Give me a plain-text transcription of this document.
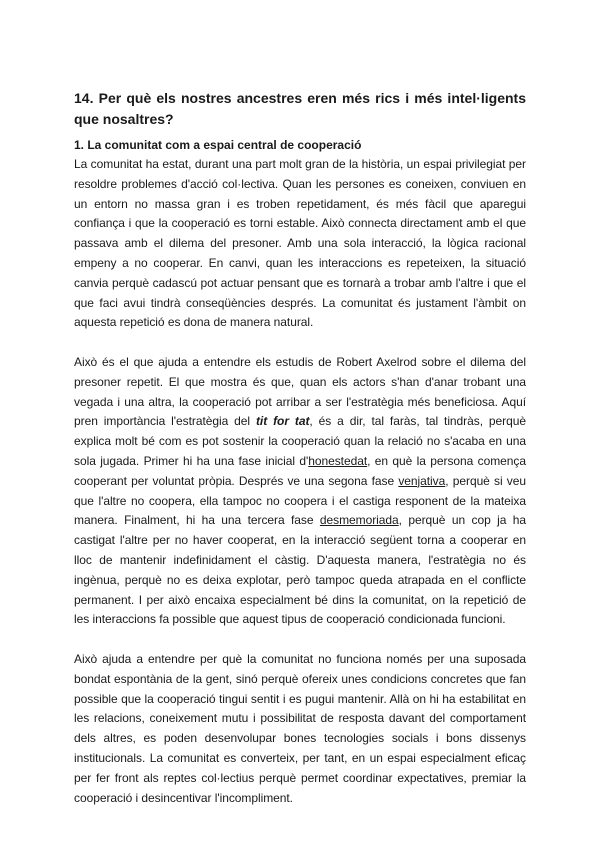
14. Per què els nostres ancestres eren més rics i més intel·ligents que nosaltres?
1. La comunitat com a espai central de cooperació

La comunitat ha estat, durant una part molt gran de la història, un espai privilegiat per resoldre problemes d'acció col·lectiva. Quan les persones es coneixen, conviuen en un entorn no massa gran i es troben repetidament, és més fàcil que aparegui confiança i que la cooperació es torni estable. Això connecta directament amb el que passava amb el dilema del presoner. Amb una sola interacció, la lògica racional empeny a no cooperar. En canvi, quan les interaccions es repeteixen, la situació canvia perquè cadascú pot actuar pensant que es tornarà a trobar amb l'altre i que el que faci avui tindrà conseqüències després. La comunitat és justament l'àmbit on aquesta repetició es dona de manera natural.

Això és el que ajuda a entendre els estudis de Robert Axelrod sobre el dilema del presoner repetit. El que mostra és que, quan els actors s'han d'anar trobant una vegada i una altra, la cooperació pot arribar a ser l'estratègia més beneficiosa. Aquí pren importància l'estratègia del tit for tat, és a dir, tal faràs, tal tindràs, perquè explica molt bé com es pot sostenir la cooperació quan la relació no s'acaba en una sola jugada. Primer hi ha una fase inicial d'honestedat, en què la persona comença cooperant per voluntat pròpia. Després ve una segona fase venjativa, perquè si veu que l'altre no coopera, ella tampoc no coopera i el castiga responent de la mateixa manera. Finalment, hi ha una tercera fase desmemoriada, perquè un cop ja ha castigat l'altre per no haver cooperat, en la interacció següent torna a cooperar en lloc de mantenir indefinidament el càstig. D'aquesta manera, l'estratègia no és ingènua, perquè no es deixa explotar, però tampoc queda atrapada en el conflicte permanent. I per això encaixa especialment bé dins la comunitat, on la repetició de les interaccions fa possible que aquest tipus de cooperació condicionada funcioni.

Això ajuda a entendre per què la comunitat no funciona només per una suposada bondat espontània de la gent, sinó perquè ofereix unes condicions concretes que fan possible que la cooperació tingui sentit i es pugui mantenir. Allà on hi ha estabilitat en les relacions, coneixement mutu i possibilitat de resposta davant del comportament dels altres, es poden desenvolupar bones tecnologies socials i bons dissenys institucionals. La comunitat es converteix, per tant, en un espai especialment eficaç per fer front als reptes col·lectius perquè permet coordinar expectatives, premiar la cooperació i desincentivar l'incompliment.
